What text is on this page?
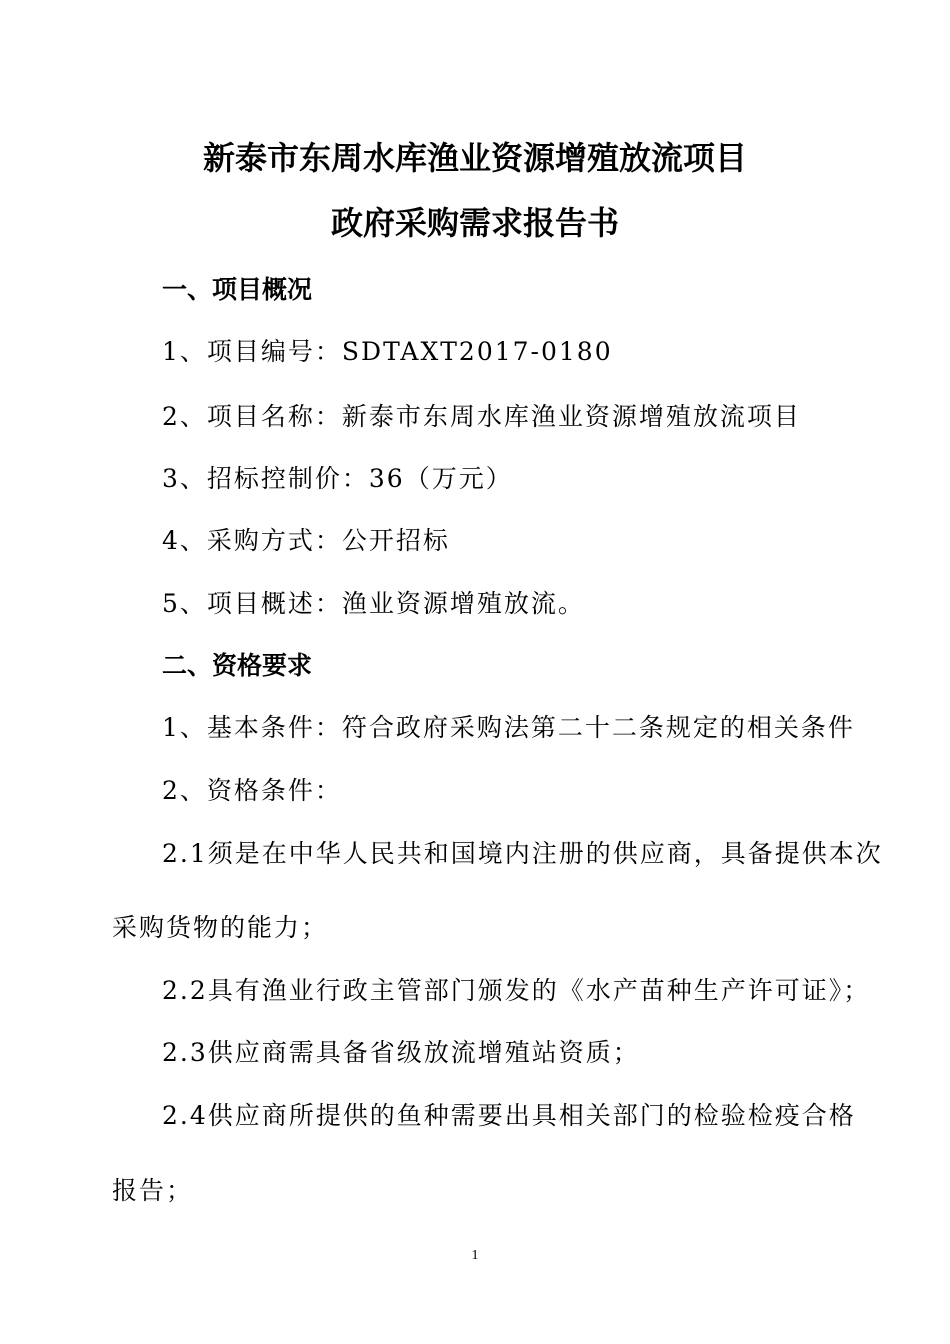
新泰市东周水库渔业资源增殖放流项目
政府采购需求报告书
一、项目概况
1、项目编号：SDTAXT2017-0180
2、项目名称：新泰市东周水库渔业资源增殖放流项目
3、招标控制价：36（万元）
4、采购方式：公开招标
5、项目概述：渔业资源增殖放流。
二、资格要求
1、基本条件：符合政府采购法第二十二条规定的相关条件
2、资格条件：
2.1须是在中华人民共和国境内注册的供应商，具备提供本次
采购货物的能力；
2.2具有渔业行政主管部门颁发的《水产苗种生产许可证》；
2.3供应商需具备省级放流增殖站资质；
2.4供应商所提供的鱼种需要出具相关部门的检验检疫合格
报告；
1
